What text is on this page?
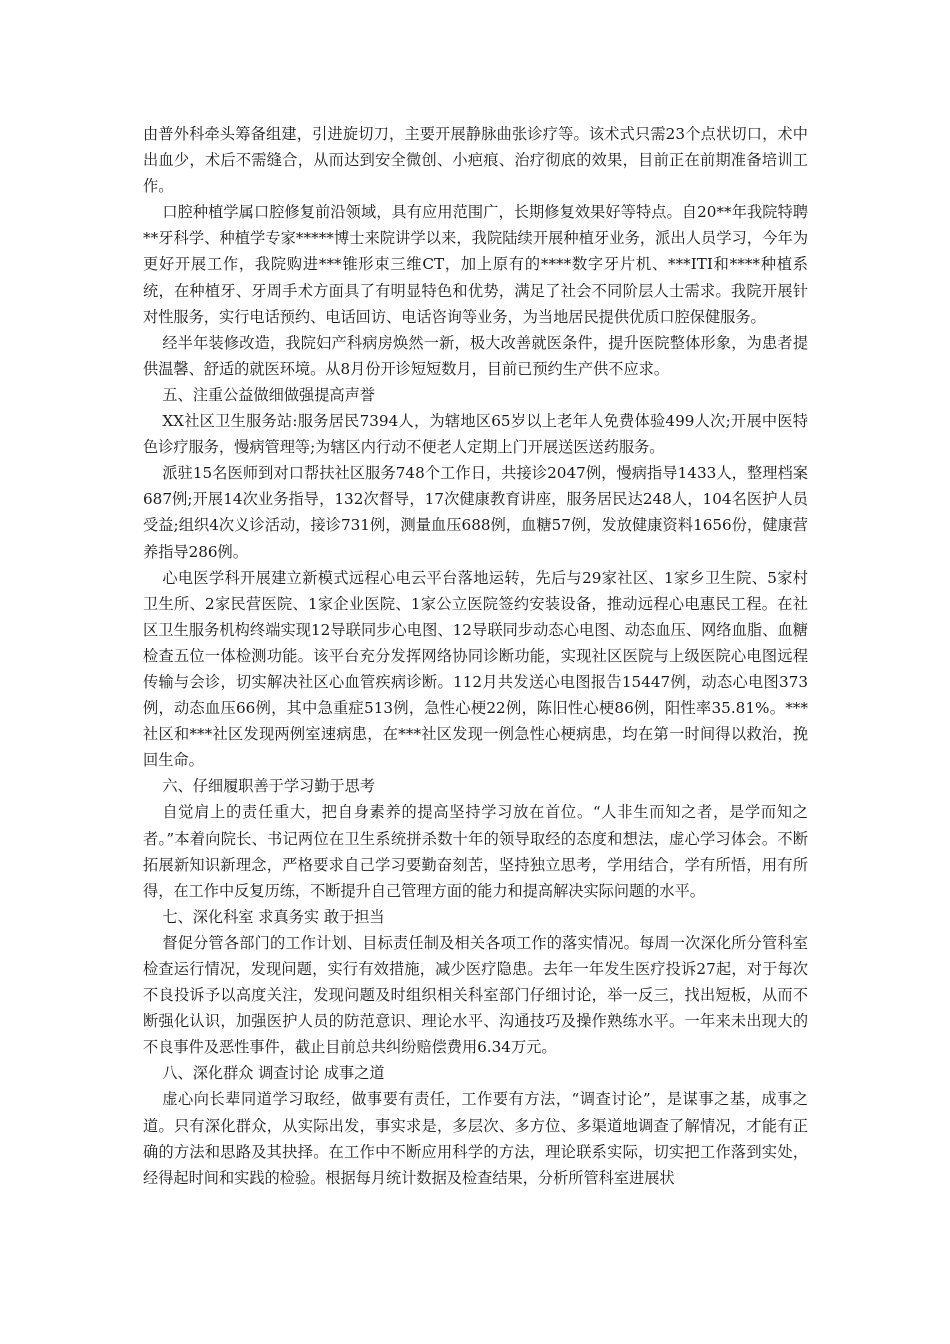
由普外科牵头筹备组建，引进旋切刀，主要开展静脉曲张诊疗等。该术式只需23个点状切口，术中出血少，术后不需缝合，从而达到安全微创、小疤痕、治疗彻底的效果，目前正在前期准备培训工作。

口腔种植学属口腔修复前沿领域，具有应用范围广，长期修复效果好等特点。自20**年我院特聘**牙科学、种植学专家*****博士来院讲学以来，我院陆续开展种植牙业务，派出人员学习，今年为更好开展工作，我院购进***锥形束三维CT，加上原有的****数字牙片机、***ITI和****种植系统，在种植牙、牙周手术方面具了有明显特色和优势，满足了社会不同阶层人士需求。我院开展针对性服务，实行电话预约、电话回访、电话咨询等业务，为当地居民提供优质口腔保健服务。

经半年装修改造，我院妇产科病房焕然一新，极大改善就医条件，提升医院整体形象，为患者提供温馨、舒适的就医环境。从8月份开诊短短数月，目前已预约生产供不应求。

五、注重公益做细做强提高声誉

XX社区卫生服务站:服务居民7394人，为辖地区65岁以上老年人免费体验499人次;开展中医特色诊疗服务，慢病管理等;为辖区内行动不便老人定期上门开展送医送药服务。

派驻15名医师到对口帮扶社区服务748个工作日，共接诊2047例，慢病指导1433人，整理档案687例;开展14次业务指导，132次督导，17次健康教育讲座，服务居民达248人，104名医护人员受益;组织4次义诊活动，接诊731例，测量血压688例，血糖57例，发放健康资料1656份，健康营养指导286例。

心电医学科开展建立新模式远程心电云平台落地运转，先后与29家社区、1家乡卫生院、5家村卫生所、2家民营医院、1家企业医院、1家公立医院签约安装设备，推动远程心电惠民工程。在社区卫生服务机构终端实现12导联同步心电图、12导联同步动态心电图、动态血压、网络血脂、血糖检查五位一体检测功能。该平台充分发挥网络协同诊断功能，实现社区医院与上级医院心电图远程传输与会诊，切实解决社区心血管疾病诊断。112月共发送心电图报告15447例，动态心电图373例，动态血压66例，其中急重症513例，急性心梗22例，陈旧性心梗86例，阳性率35.81%。***社区和***社区发现两例室速病患，在***社区发现一例急性心梗病患，均在第一时间得以救治，挽回生命。

六、仔细履职善于学习勤于思考

自觉肩上的责任重大，把自身素养的提高坚持学习放在首位。“人非生而知之者，是学而知之者。”本着向院长、书记两位在卫生系统拼杀数十年的领导取经的态度和想法，虚心学习体会。不断拓展新知识新理念，严格要求自己学习要勤奋刻苦，坚持独立思考，学用结合，学有所悟，用有所得，在工作中反复历练，不断提升自己管理方面的能力和提高解决实际问题的水平。

七、深化科室 求真务实 敢于担当

督促分管各部门的工作计划、目标责任制及相关各项工作的落实情况。每周一次深化所分管科室检查运行情况，发现问题，实行有效措施，减少医疗隐患。去年一年发生医疗投诉27起，对于每次不良投诉予以高度关注，发现问题及时组织相关科室部门仔细讨论，举一反三，找出短板，从而不断强化认识，加强医护人员的防范意识、理论水平、沟通技巧及操作熟练水平。一年来未出现大的不良事件及恶性事件，截止目前总共纠纷赔偿费用6.34万元。

八、深化群众 调查讨论 成事之道

虚心向长辈同道学习取经，做事要有责任，工作要有方法，“调查讨论”，是谋事之基，成事之道。只有深化群众，从实际出发，事实求是，多层次、多方位、多渠道地调查了解情况，才能有正确的方法和思路及其抉择。在工作中不断应用科学的方法，理论联系实际，切实把工作落到实处，经得起时间和实践的检验。根据每月统计数据及检查结果，分析所管科室进展状
